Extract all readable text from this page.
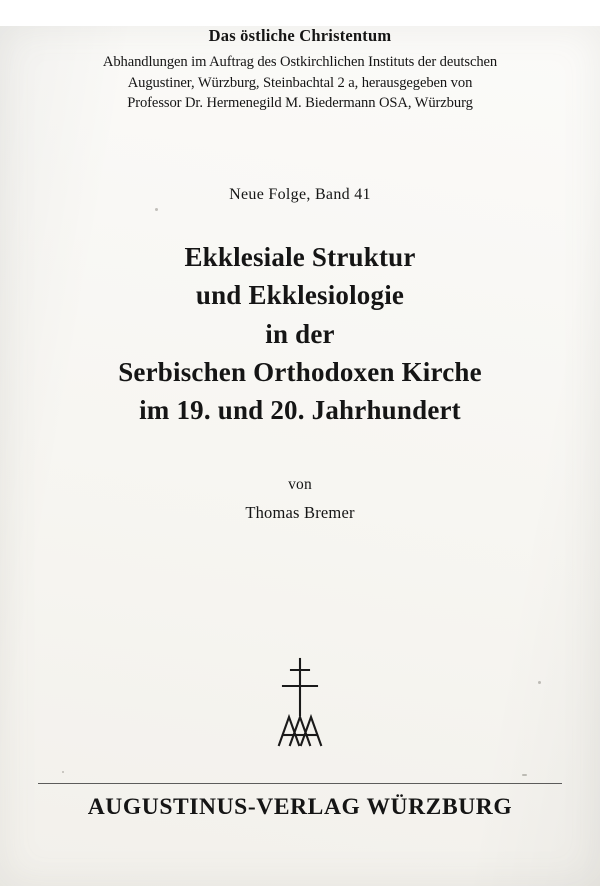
Das östliche Christentum
Abhandlungen im Auftrag des Ostkirchlichen Instituts der deutschen
Augustiner, Würzburg, Steinbachtal 2 a, herausgegeben von
Professor Dr. Hermenegild M. Biedermann OSA, Würzburg
Neue Folge, Band 41
Ekklesiale Struktur
und Ekklesiologie
in der
Serbischen Orthodoxen Kirche
im 19. und 20. Jahrhundert
von
Thomas Bremer
AUGUSTINUS-VERLAG WÜRZBURG
